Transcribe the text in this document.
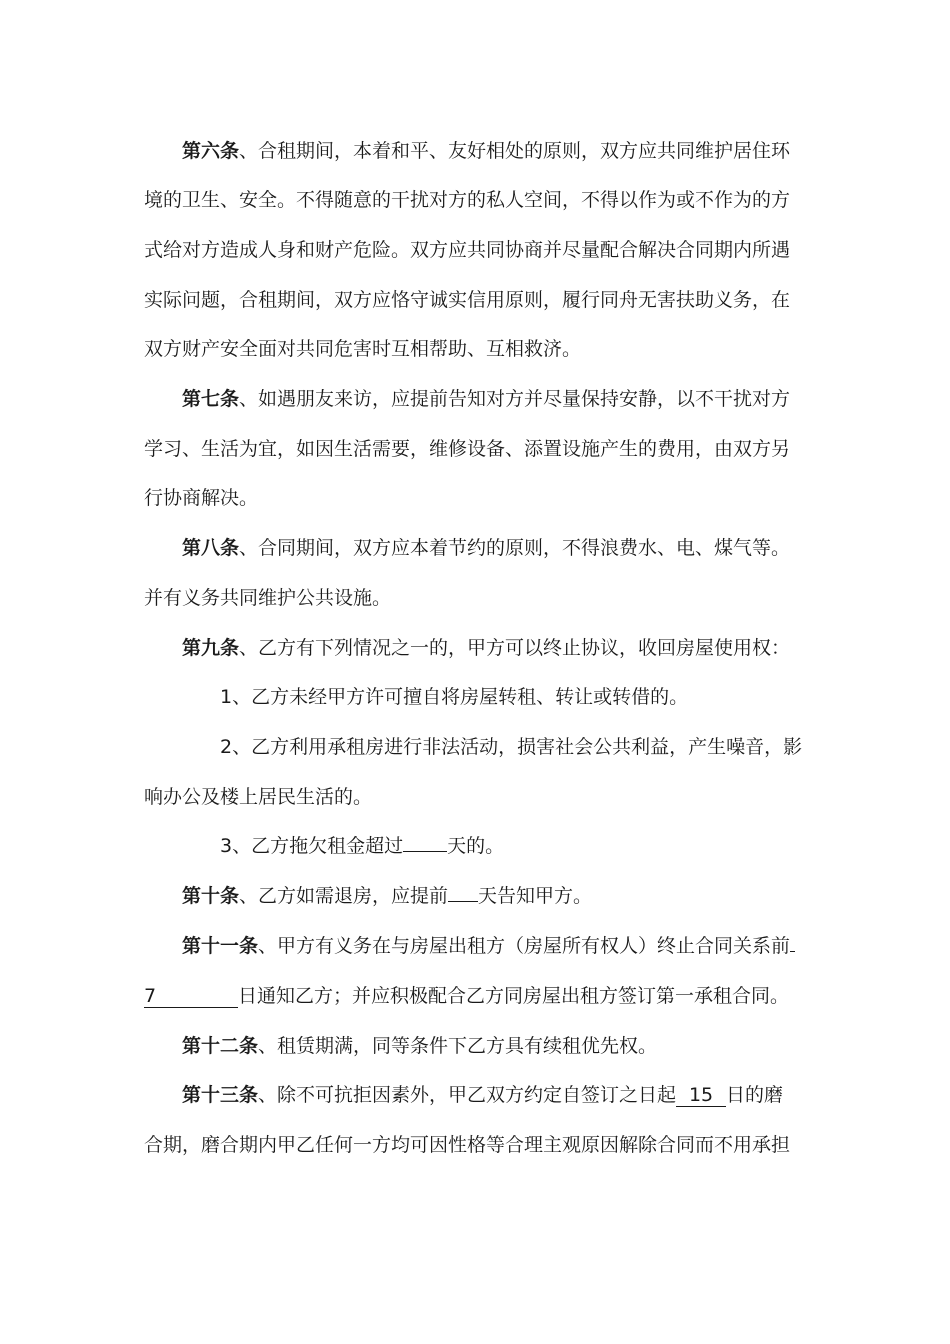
第六条、合租期间，本着和平、友好相处的原则，双方应共同维护居住环
境的卫生、安全。不得随意的干扰对方的私人空间，不得以作为或不作为的方
式给对方造成人身和财产危险。双方应共同协商并尽量配合解决合同期内所遇
实际问题，合租期间，双方应恪守诚实信用原则，履行同舟无害扶助义务，在
双方财产安全面对共同危害时互相帮助、互相救济。
第七条、如遇朋友来访，应提前告知对方并尽量保持安静，以不干扰对方
学习、生活为宜，如因生活需要，维修设备、添置设施产生的费用，由双方另
行协商解决。
第八条、合同期间，双方应本着节约的原则，不得浪费水、电、煤气等。
并有义务共同维护公共设施。
第九条、乙方有下列情况之一的，甲方可以终止协议，收回房屋使用权：
1、乙方未经甲方许可擅自将房屋转租、转让或转借的。
2、乙方利用承租房进行非法活动，损害社会公共利益，产生噪音，影
响办公及楼上居民生活的。
3、乙方拖欠租金超过 天的。
第十条、乙方如需退房，应提前 天告知甲方。
第十一条、甲方有义务在与房屋出租方（房屋所有权人）终止合同关系前
7	日通知乙方；并应积极配合乙方同房屋出租方签订第一承租合同。
第十二条、租赁期满，同等条件下乙方具有续租优先权。
第十三条、除不可抗拒因素外，甲乙双方约定自签订之日起 15 日的磨
合期，磨合期内甲乙任何一方均可因性格等合理主观原因解除合同而不用承担
